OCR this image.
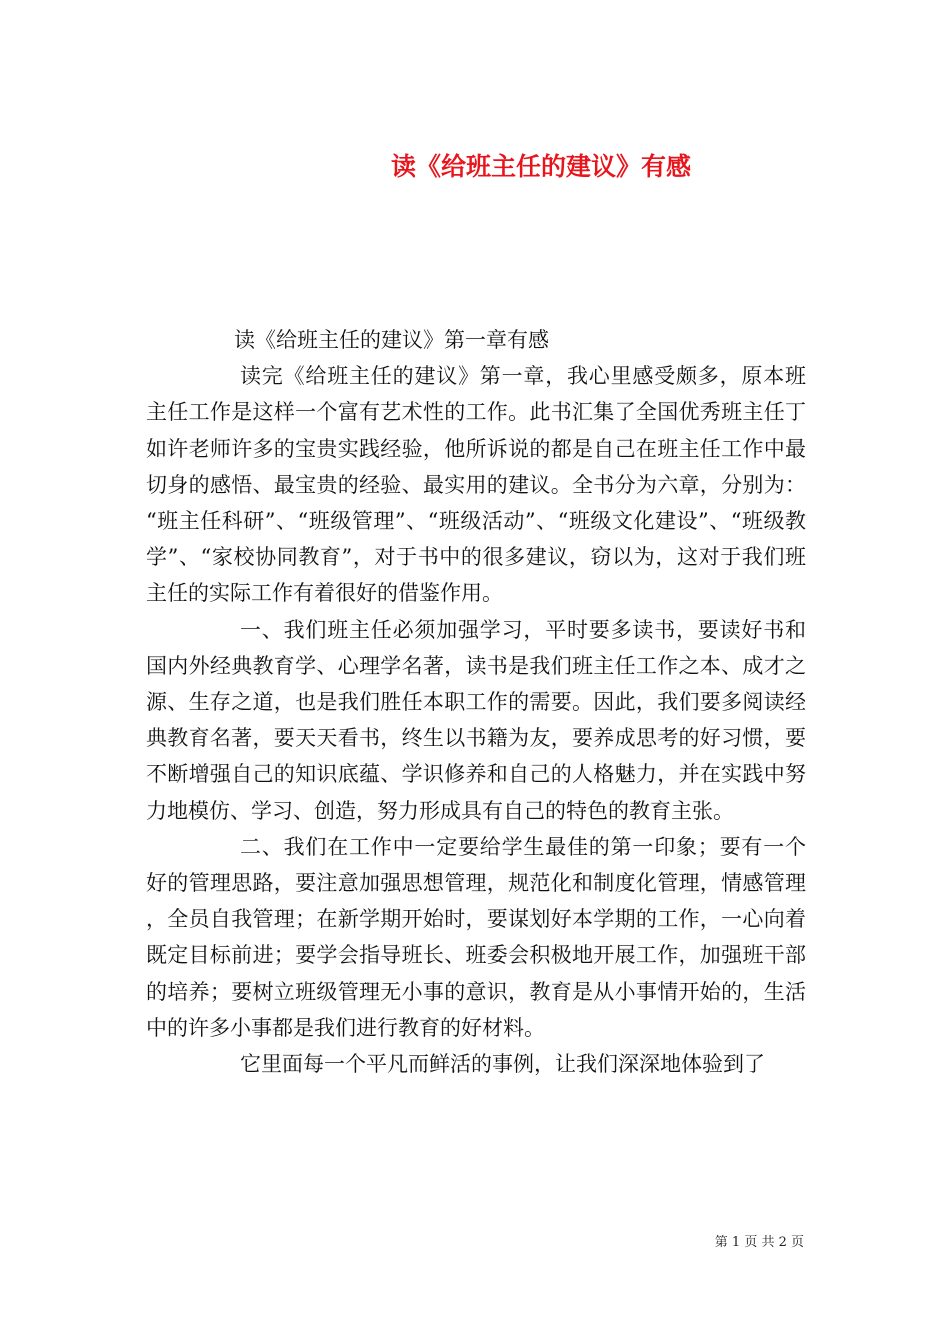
读《给班主任的建议》有感

读《给班主任的建议》第一章有感

读完《给班主任的建议》第一章，我心里感受颇多，原本班主任工作是这样一个富有艺术性的工作。此书汇集了全国优秀班主任丁如许老师许多的宝贵实践经验，他所诉说的都是自己在班主任工作中最切身的感悟、最宝贵的经验、最实用的建议。全书分为六章，分别为：“班主任科研”、“班级管理”、“班级活动”、“班级文化建设”、“班级教学”、“家校协同教育”，对于书中的很多建议，窃以为，这对于我们班主任的实际工作有着很好的借鉴作用。

一、我们班主任必须加强学习，平时要多读书，要读好书和国内外经典教育学、心理学名著，读书是我们班主任工作之本、成才之源、生存之道，也是我们胜任本职工作的需要。因此，我们要多阅读经典教育名著，要天天看书，终生以书籍为友，要养成思考的好习惯，要不断增强自己的知识底蕴、学识修养和自己的人格魅力，并在实践中努力地模仿、学习、创造，努力形成具有自己的特色的教育主张。

二、我们在工作中一定要给学生最佳的第一印象；要有一个好的管理思路，要注意加强思想管理，规范化和制度化管理，情感管理，全员自我管理；在新学期开始时，要谋划好本学期的工作，一心向着既定目标前进；要学会指导班长、班委会积极地开展工作，加强班干部的培养；要树立班级管理无小事的意识，教育是从小事情开始的，生活中的许多小事都是我们进行教育的好材料。

它里面每一个平凡而鲜活的事例，让我们深深地体验到了

第 1 页 共 2 页
